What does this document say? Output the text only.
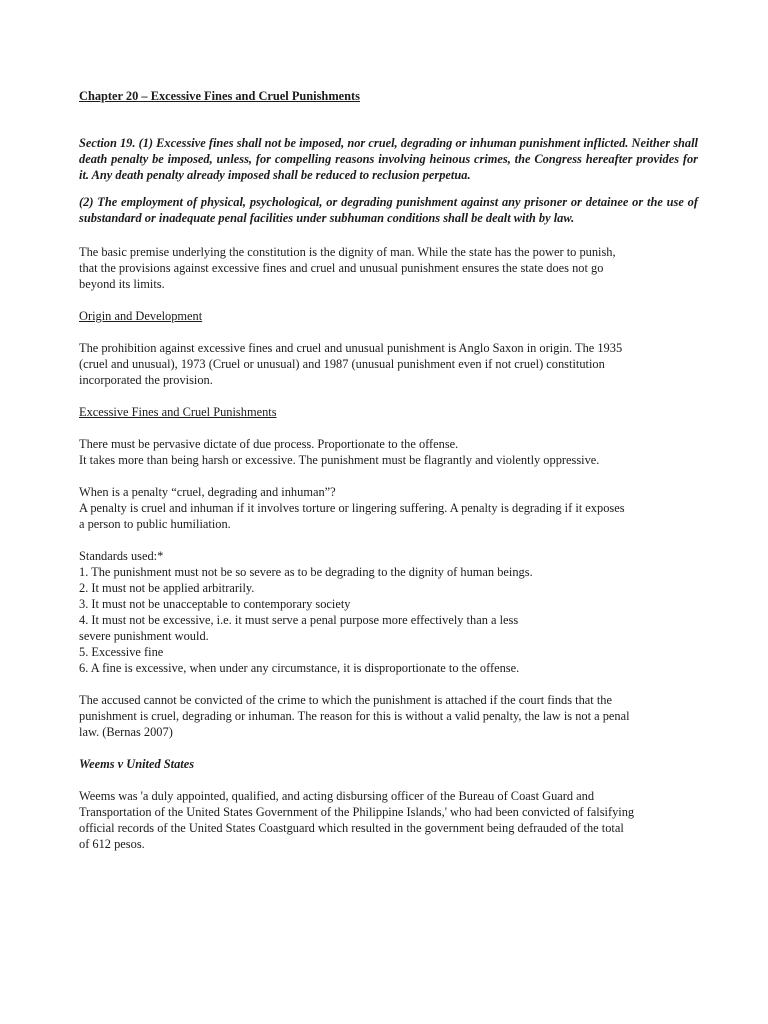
Chapter 20 – Excessive Fines and Cruel Punishments
Section 19. (1) Excessive fines shall not be imposed, nor cruel, degrading or inhuman punishment inflicted. Neither shall death penalty be imposed, unless, for compelling reasons involving heinous crimes, the Congress hereafter provides for it. Any death penalty already imposed shall be reduced to reclusion perpetua.
(2) The employment of physical, psychological, or degrading punishment against any prisoner or detainee or the use of substandard or inadequate penal facilities under subhuman conditions shall be dealt with by law.

The basic premise underlying the constitution is the dignity of man. While the state has the power to punish,
that the provisions against excessive fines and cruel and unusual punishment ensures the state does not go
beyond its limits.

Origin and Development

The prohibition against excessive fines and cruel and unusual punishment is Anglo Saxon in origin. The 1935
(cruel and unusual), 1973 (Cruel or unusual) and 1987 (unusual punishment even if not cruel) constitution
incorporated the provision.

Excessive Fines and Cruel Punishments

There must be pervasive dictate of due process. Proportionate to the offense.
It takes more than being harsh or excessive. The punishment must be flagrantly and violently oppressive.

When is a penalty “cruel, degrading and inhuman”?
A penalty is cruel and inhuman if it involves torture or lingering suffering. A penalty is degrading if it exposes
a person to public humiliation.

Standards used:*
1. The punishment must not be so severe as to be degrading to the dignity of human beings.
2. It must not be applied arbitrarily.
3. It must not be unacceptable to contemporary society
4. It must not be excessive, i.e. it must serve a penal purpose more effectively than a less
severe punishment would.
5. Excessive fine
6. A fine is excessive, when under any circumstance, it is disproportionate to the offense.

The accused cannot be convicted of the crime to which the punishment is attached if the court finds that the
punishment is cruel, degrading or inhuman. The reason for this is without a valid penalty, the law is not a penal
law. (Bernas 2007)

Weems v United States

Weems was 'a duly appointed, qualified, and acting disbursing officer of the Bureau of Coast Guard and
Transportation of the United States Government of the Philippine Islands,' who had been convicted of falsifying
official records of the United States Coastguard which resulted in the government being defrauded of the total
of 612 pesos.
